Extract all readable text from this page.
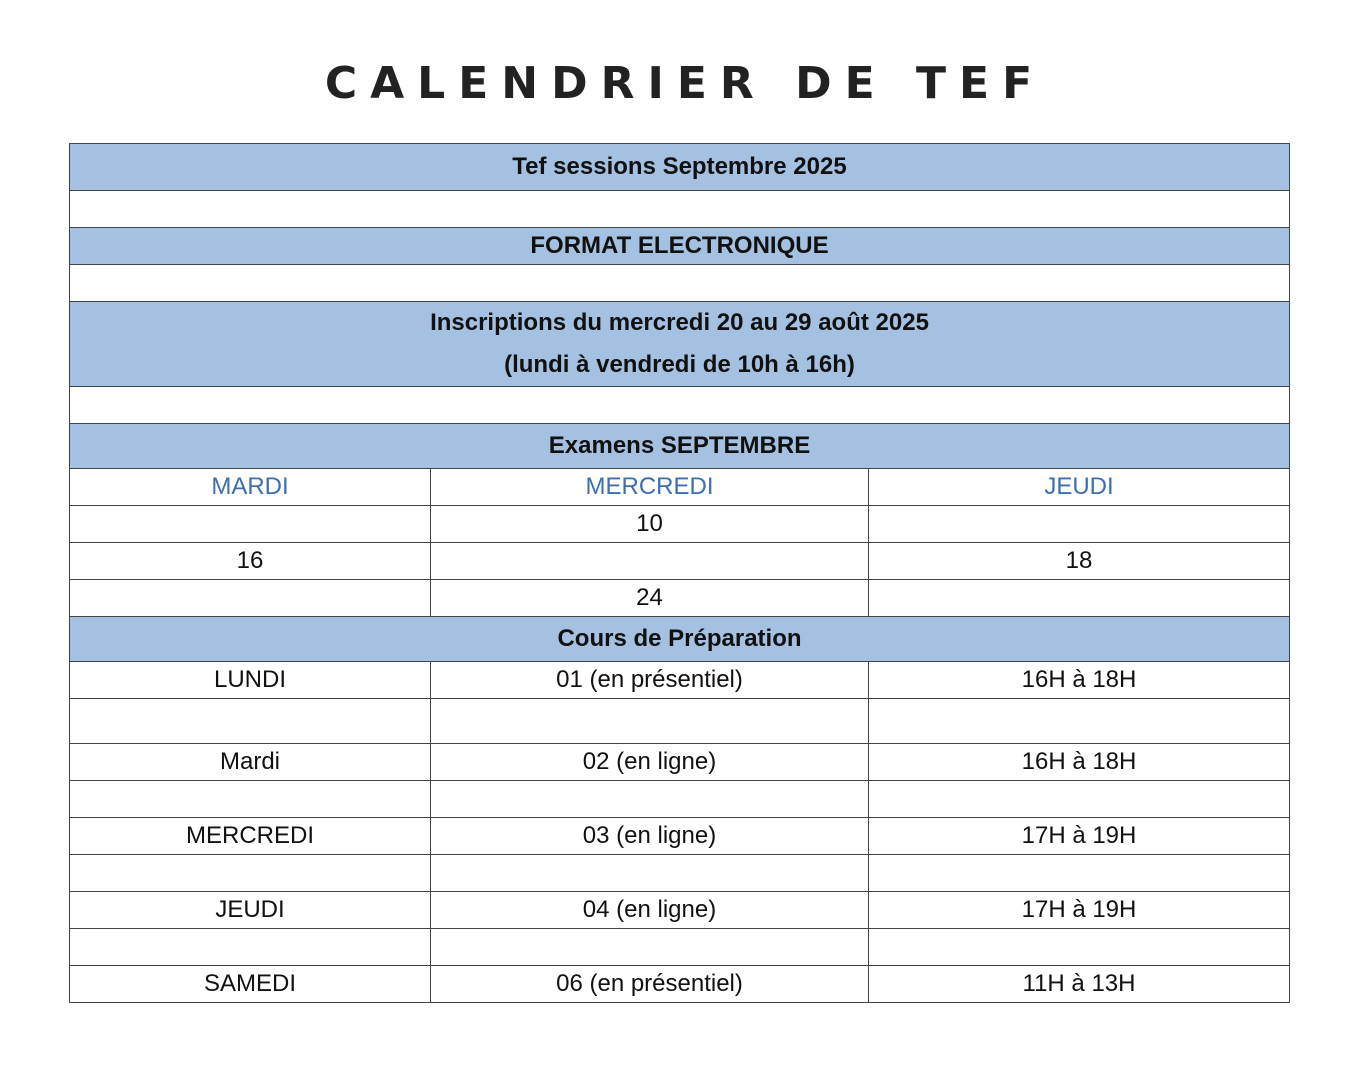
CALENDRIER DE TEF
Tef sessions Septembre 2025		

FORMAT ELECTRONIQUE		

Inscriptions du mercredi 20 au 29 août 2025
(lundi à vendredi de 10h à 16h)		

Examens SEPTEMBRE		
MARDI	MERCREDI	JEUDI
	10	
16		18
	24	
Cours de Préparation		
LUNDI	01 (en présentiel)	16H à 18H

Mardi	02 (en ligne)	16H à 18H

MERCREDI	03 (en ligne)	17H à 19H

JEUDI	04 (en ligne)	17H à 19H

SAMEDI	06 (en présentiel)	11H à 13H
